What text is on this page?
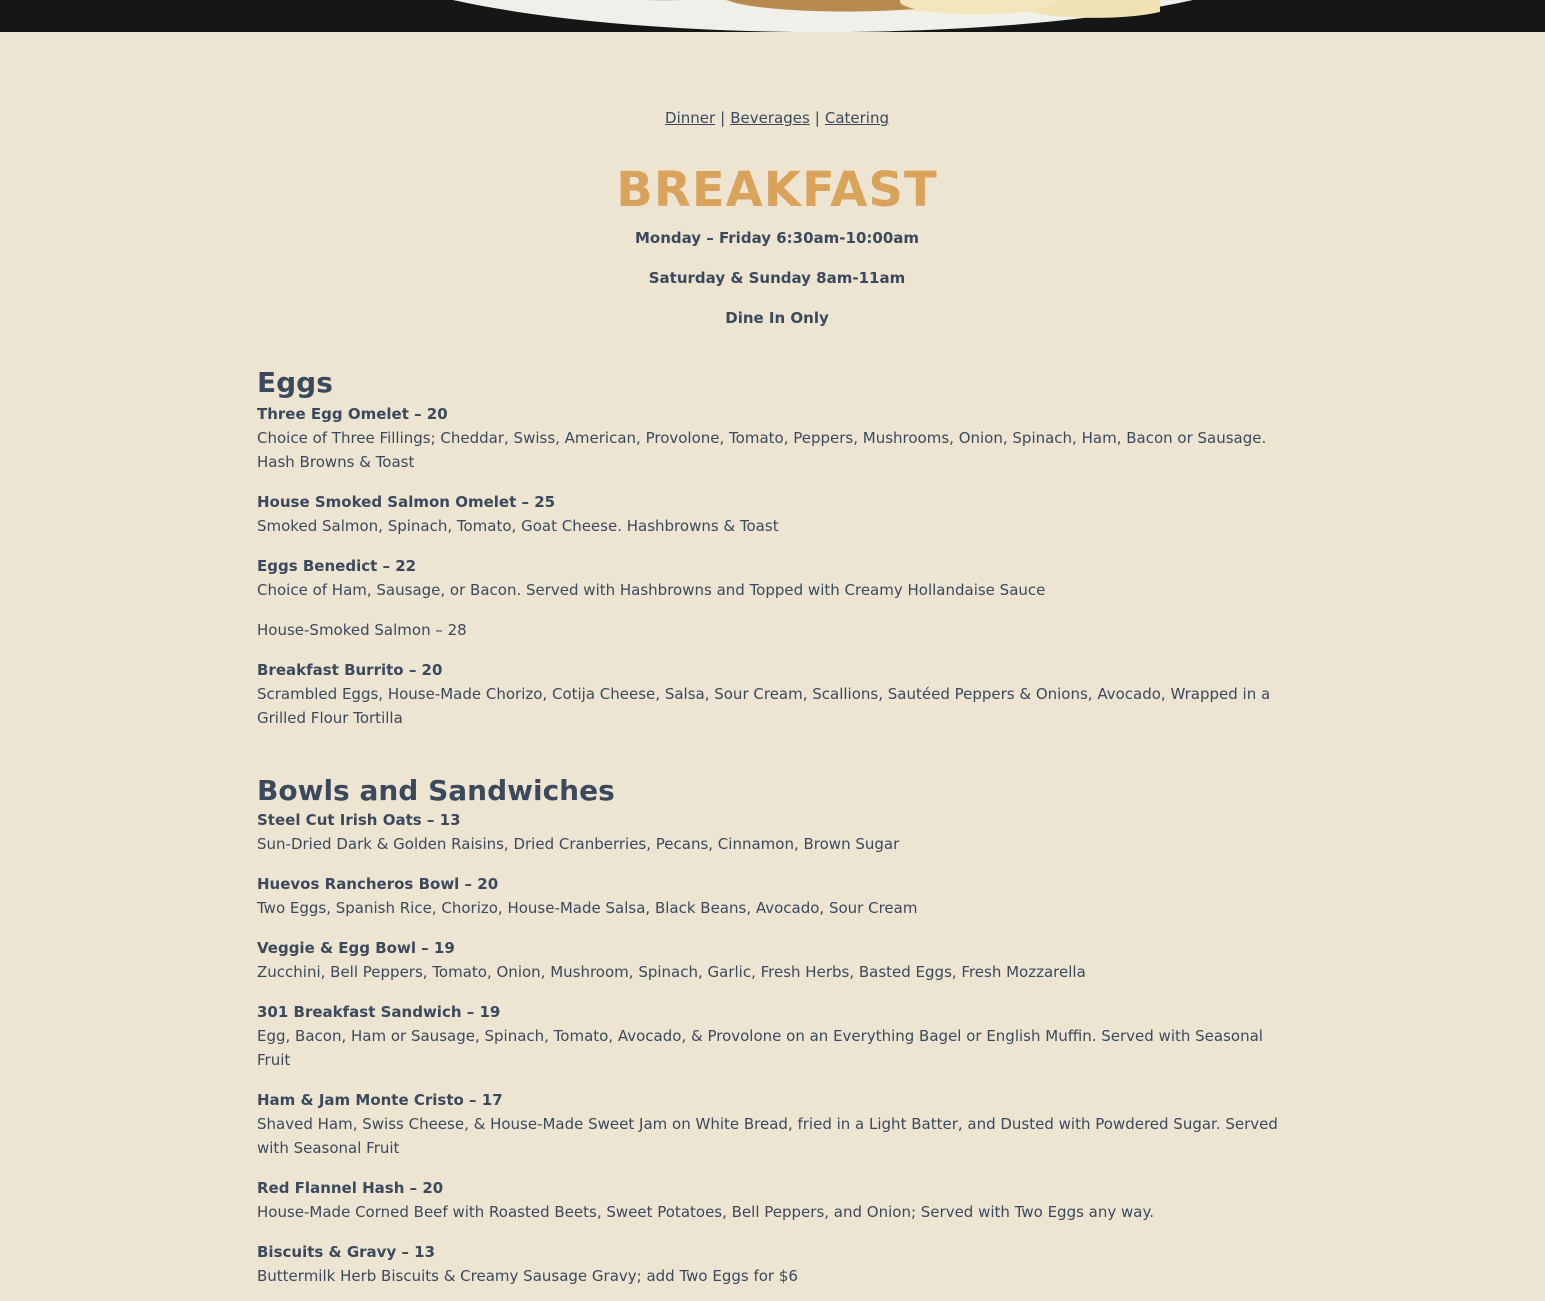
Dinner | Beverages | Catering
BREAKFAST

Monday – Friday 6:30am-10:00am

Saturday & Sunday 8am-11am

Dine In Only

Eggs

Three Egg Omelet – 20

Choice of Three Fillings; Cheddar, Swiss, American, Provolone, Tomato, Peppers, Mushrooms, Onion, Spinach, Ham, Bacon or Sausage. Hash Browns & Toast

House Smoked Salmon Omelet – 25

Smoked Salmon, Spinach, Tomato, Goat Cheese. Hashbrowns & Toast

Eggs Benedict – 22

Choice of Ham, Sausage, or Bacon. Served with Hashbrowns and Topped with Creamy Hollandaise Sauce

House-Smoked Salmon – 28

Breakfast Burrito – 20

Scrambled Eggs, House-Made Chorizo, Cotija Cheese, Salsa, Sour Cream, Scallions, Sautéed Peppers & Onions, Avocado, Wrapped in a Grilled Flour Tortilla

Bowls and Sandwiches

Steel Cut Irish Oats – 13

Sun-Dried Dark & Golden Raisins, Dried Cranberries, Pecans, Cinnamon, Brown Sugar

Huevos Rancheros Bowl – 20

Two Eggs, Spanish Rice, Chorizo, House-Made Salsa, Black Beans, Avocado, Sour Cream

Veggie & Egg Bowl – 19

Zucchini, Bell Peppers, Tomato, Onion, Mushroom, Spinach, Garlic, Fresh Herbs, Basted Eggs, Fresh Mozzarella

301 Breakfast Sandwich – 19

Egg, Bacon, Ham or Sausage, Spinach, Tomato, Avocado, & Provolone on an Everything Bagel or English Muffin. Served with Seasonal Fruit

Ham & Jam Monte Cristo – 17

Shaved Ham, Swiss Cheese, & House-Made Sweet Jam on White Bread, fried in a Light Batter, and Dusted with Powdered Sugar. Served with Seasonal Fruit

Red Flannel Hash – 20

House-Made Corned Beef with Roasted Beets, Sweet Potatoes, Bell Peppers, and Onion; Served with Two Eggs any way.

Biscuits & Gravy – 13

Buttermilk Herb Biscuits & Creamy Sausage Gravy; add Two Eggs for $6
